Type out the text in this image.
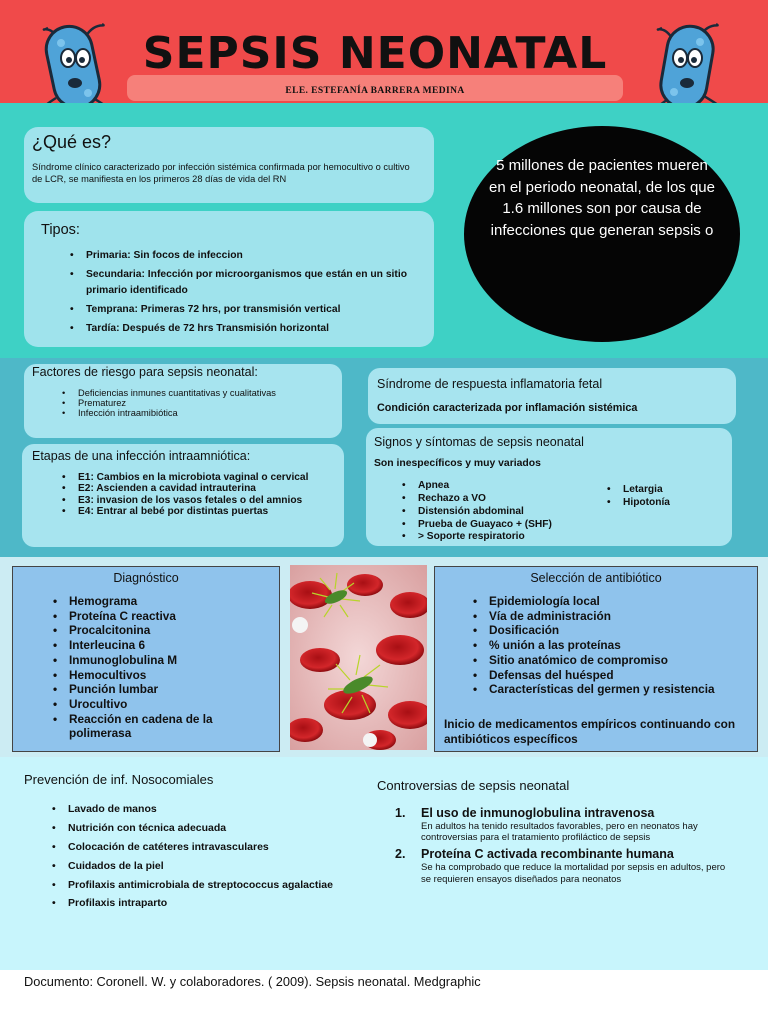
SEPSIS NEONATAL
ELE. ESTEFANÍA BARRERA MEDINA
¿Qué es?
Síndrome clínico caracterizado por infección sistémica confirmada por hemocultivo o cultivo de LCR, se manifiesta en los primeros 28 días de vida del RN
Tipos:
• Primaria: Sin focos de infeccion
• Secundaria: Infección por microorganismos que están en un sitio primario identificado
• Temprana: Primeras 72 hrs, por transmisión vertical
• Tardía: Después de 72 hrs Transmisión horizontal
5 millones de pacientes mueren en el periodo neonatal, de los que 1.6 millones son por causa de infecciones que generan sepsis o
Factores de riesgo para sepsis neonatal:
• Deficiencias inmunes cuantitativas y cualitativas
• Prematurez
• Infección intraamibiótica
Etapas de una infección intraamniótica:
• E1: Cambios en la microbiota vaginal o cervical
• E2: Ascienden a cavidad intrauterina
• E3: invasion de los vasos fetales o del amnios
• E4: Entrar al bebé por distintas puertas
Síndrome de respuesta inflamatoria fetal
Condición caracterizada por inflamación sistémica
Signos y síntomas de sepsis neonatal
Son inespecíficos y muy variados
• Apnea
• Rechazo a VO
• Distensión abdominal
• Prueba de Guayaco + (SHF)
• > Soporte respiratorio
• Letargia
• Hipotonía
Diagnóstico
• Hemograma
• Proteína C reactiva
• Procalcitonina
• Interleucina 6
• Inmunoglobulina M
• Hemocultivos
• Punción lumbar
• Urocultivo
• Reacción en cadena de la polimerasa
Selección de antibiótico
• Epidemiología local
• Vía de administración
• Dosificación
• % unión a las proteínas
• Sitio anatómico de compromiso
• Defensas del huésped
• Características del germen y resistencia
Inicio de medicamentos empíricos continuando con antibióticos específicos
Prevención de inf. Nosocomiales
• Lavado de manos
• Nutrición con técnica adecuada
• Colocación de catéteres intravasculares
• Cuidados de la piel
• Profilaxis antimicrobiala de streptococcus agalactiae
• Profilaxis intraparto
Controversias de sepsis neonatal
1. El uso de inmunoglobulina intravenosa
En adultos ha tenido resultados favorables, pero en neonatos hay controversias para el tratamiento profiláctico de sepsis
2. Proteína C activada recombinante humana
Se ha comprobado que reduce la mortalidad por sepsis en adultos, pero se requieren ensayos diseñados para neonatos
Documento: Coronell. W. y colaboradores. ( 2009). Sepsis neonatal. Medgraphic
